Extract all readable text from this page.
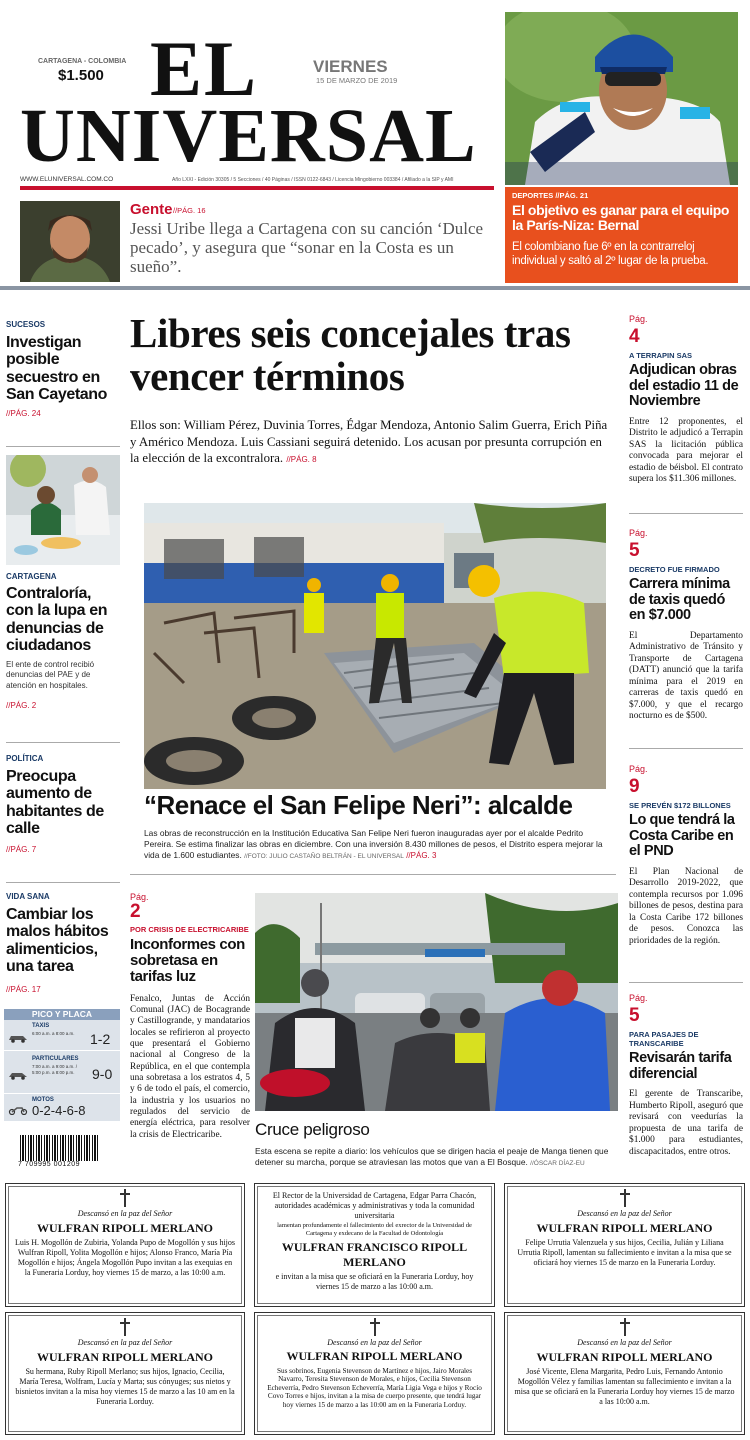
CARTAGENA - COLOMBIA
$1.500 EL
UNIVERSAL
VIERNES
15 DE MARZO DE 2019
WWW.ELUNIVERSAL.COM.CO	Año LXXI - Edición 30305 / 5 Secciones / 40 Páginas / ISSN 0122-6843 / Licencia Mingobierno 003384 / Afiliado a la SIP y AMI
Gente //PÁG. 16
Jessi Uribe llega a Cartagena con su canción ‘Dulce pecado’, y asegura que “sonar en la Costa es un sueño”.
DEPORTES //PÁG. 21
El objetivo es ganar para el equipo la París-Niza: Bernal
El colombiano fue 6º en la contrarreloj individual y saltó al 2º lugar de la prueba.
SUCESOS
Investigan posible secuestro en San Cayetano
//PÁG. 24
CARTAGENA
Contraloría, con la lupa en denuncias de ciudadanos
El ente de control recibió denuncias del PAE y de atención en hospitales.
//PÁG. 2
POLÍTICA
Preocupa aumento de habitantes de calle
//PÁG. 7
VIDA SANA
Cambiar los malos hábitos alimenticios, una tarea
//PÁG. 17
PICO Y PLACA
TAXIS
6:00 a.m. a 8:00 a.m. 1-2
PARTICULARES
7:00 a.m. a 9:00 a.m. / 5:00 p.m. a 8:00 p.m.	9-0
MOTOS
0-2-4-6-8
7 709995 001209
Libres seis concejales tras vencer términos
Ellos son: William Pérez, Duvinia Torres, Édgar Mendoza, Antonio Salim Guerra, Erich Piña y Américo Mendoza. Luis Cassiani seguirá detenido. Los acusan por presunta corrupción en la elección de la excontralora. //PÁG. 8
“Renace el San Felipe Neri”: alcalde
Las obras de reconstrucción en la Institución Educativa San Felipe Neri fueron inauguradas ayer por el alcalde Pedrito Pereira. Se estima finalizar las obras en diciembre. Con una inversión 8.430 millones de pesos, el Distrito espera mejorar la vida de 1.600 estudiantes. //FOTO: JULIO CASTAÑO BELTRÁN - EL UNIVERSAL //PÁG. 3
Pág.
2
POR CRISIS DE ELECTRICARIBE
Inconformes con sobretasa en tarifas luz
Fenalco, Juntas de Acción Comunal (JAC) de Bocagrande y Castillogrande, y mandatarios locales se refirieron al proyecto que presentará el Gobierno nacional al Congreso de la República, en el que contempla una sobretasa a los estratos 4, 5 y 6 de todo el país, el comercio, la industria y los usuarios no regulados del servicio de energía eléctrica, para resolver la crisis de Electricaribe.	Cruce peligroso
Esta escena se repite a diario: los vehículos que se dirigen hacia el peaje de Manga tienen que detener su marcha, porque se atraviesan las motos que van a El Bosque. //ÓSCAR DÍAZ-EU
Pág.
4
A TERRAPIN SAS
Adjudican obras del estadio 11 de Noviembre
Entre 12 proponentes, el Distrito le adjudicó a Terrapin SAS la licitación pública convocada para mejorar el estadio de béisbol. El contrato supera los $11.306 millones.
Pág.
5
DECRETO FUE FIRMADO
Carrera mínima de taxis quedó en $7.000
El Departamento Administrativo de Tránsito y Transporte de Cartagena (DATT) anunció que la tarifa mínima para el 2019 en carreras de taxis quedó en $7.000, y que el recargo nocturno es de $500.
Pág.
9
SE PREVÉN $172 BILLONES
Lo que tendrá la Costa Caribe en el PND
El Plan Nacional de Desarrollo 2019-2022, que contempla recursos por 1.096 billones de pesos, destina para la Costa Caribe 172 billones de pesos. Conozca las prioridades de la región.
Pág.
5
PARA PASAJES DE TRANSCARIBE
Revisarán tarifa diferencial
El gerente de Transcaribe, Humberto Ripoll, aseguró que revisará con veedurías la propuesta de una tarifa de $1.000 para estudiantes, discapacitados, entre otros.
Descansó en la paz del Señor
WULFRAN RIPOLL MERLANO
Luis H. Mogollón de Zubiria, Yolanda Pupo de Mogollón y sus hijos Wulfran Ripoll, Yolita Mogollón e hijos; Alonso Franco, María Pía Mogollón e hijos; Ángela Mogollón Pupo invitan a las exequias en la Funeraria Lorduy, hoy viernes 15 de marzo, a las 10:00 a.m.
El Rector de la Universidad de Cartagena, Edgar Parra Chacón, autoridades académicas y administrativas y toda la comunidad universitaria
lamentan profundamente el fallecimiento del exrector de la Universidad de Cartagena y exdecano de la Facultad de Odontología
WULFRAN FRANCISCO RIPOLL MERLANO
e invitan a la misa que se oficiará en la Funeraria Lorduy, hoy viernes 15 de marzo a las 10:00 a.m.
Descansó en la paz del Señor
WULFRAN RIPOLL MERLANO
Felipe Urrutia Valenzuela y sus hijos, Cecilia, Julián y Liliana Urrutia Ripoll, lamentan su fallecimiento e invitan a la misa que se oficiará hoy viernes 15 de marzo en la Funeraria Lorduy.
Descansó en la paz del Señor
WULFRAN RIPOLL MERLANO
Su hermana, Ruby Ripoll Merlano; sus hijos, Ignacio, Cecilia, María Teresa, Wolfram, Lucía y Marta; sus cónyuges; sus nietos y bisnietos invitan a la misa hoy viernes 15 de marzo a las 10 am en la Funeraria Lorduy.
Descansó en la paz del Señor
WULFRAN RIPOLL MERLANO
Sus sobrinos, Eugenia Stevenson de Martínez e hijos, Jairo Morales Navarro, Teresita Stevenson de Morales, e hijos, Cecilia Stevenson Echeverría, Pedro Stevenson Echeverría, María Ligia Vega e hijos y Rocío Covo Torres e hijos, invitan a la misa de cuerpo presente, que tendrá lugar hoy viernes 15 de marzo a las 10:00 am en la Funeraria Lorduy.
Descansó en la paz del Señor
WULFRAN RIPOLL MERLANO
José Vicente, Elena Margarita, Pedro Luis, Fernando Antonio Mogollón Vélez y familias lamentan su fallecimiento e invitan a la misa que se oficiará en la Funeraria Lorduy hoy viernes 15 de marzo a las 10:00 a.m.
